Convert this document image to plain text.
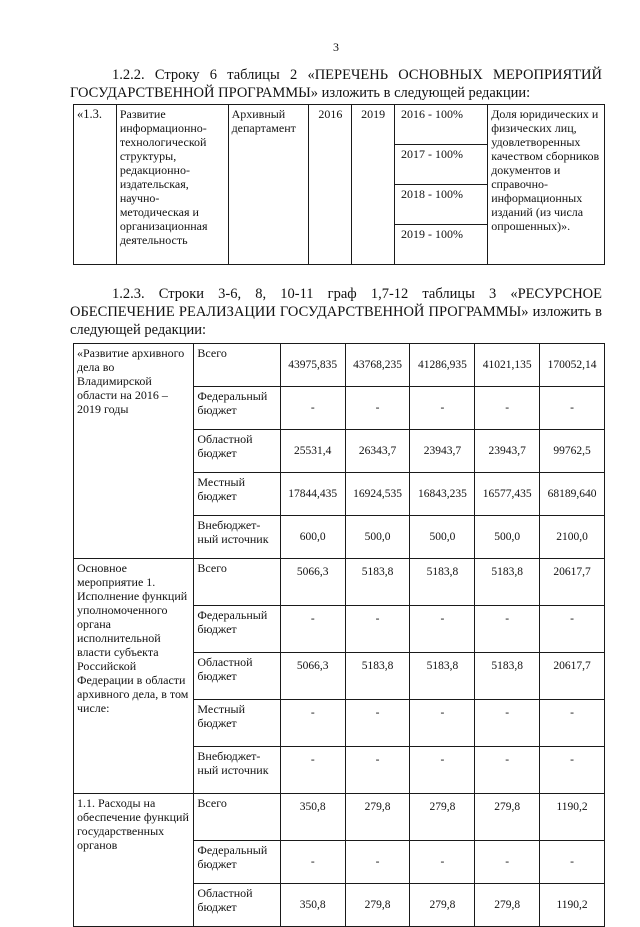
3
1.2.2. Строку 6 таблицы 2 «ПЕРЕЧЕНЬ ОСНОВНЫХ МЕРОПРИЯТИЙ ГОСУДАРСТВЕННОЙ ПРОГРАММЫ» изложить в следующей редакции:
«1.3.	Развитие информационно-технологической структуры, редакционно-издательская, научно-методическая и организационная деятельность	Архивный департамент	2016	2019	2016 - 100%	Доля юридических и физических лиц, удовлетворенных качеством сборников документов и справочно-информационных изданий (из числа опрошенных)».
2017 - 100%
2018 - 100%
2019 - 100%
1.2.3. Строки 3-6, 8, 10-11 граф 1,7-12 таблицы 3 «РЕСУРСНОЕ ОБЕСПЕЧЕНИЕ РЕАЛИЗАЦИИ ГОСУДАРСТВЕННОЙ ПРОГРАММЫ» изложить в следующей редакции:
«Развитие архивного дела во Владимирской области на 2016 – 2019 годы	Всего	43975,835	43768,235	41286,935	41021,135	170052,14
	Федеральный бюджет	-	-	-	-	-
	Областной бюджет	25531,4	26343,7	23943,7	23943,7	99762,5
	Местный бюджет	17844,435	16924,535	16843,235	16577,435	68189,640
	Внебюджет-ный источник	600,0	500,0	500,0	500,0	2100,0
Основное мероприятие 1. Исполнение функций уполномоченного органа исполнительной власти субъекта Российской Федерации в области архивного дела, в том числе:	Всего	5066,3	5183,8	5183,8	5183,8	20617,7
	Федеральный бюджет	-	-	-	-	-
	Областной бюджет	5066,3	5183,8	5183,8	5183,8	20617,7
	Местный бюджет	-	-	-	-	-
	Внебюджет-ный источник	-	-	-	-	-
1.1. Расходы на обеспечение функций государственных органов	Всего	350,8	279,8	279,8	279,8	1190,2
	Федеральный бюджет	-	-	-	-	-
	Областной бюджет	350,8	279,8	279,8	279,8	1190,2
